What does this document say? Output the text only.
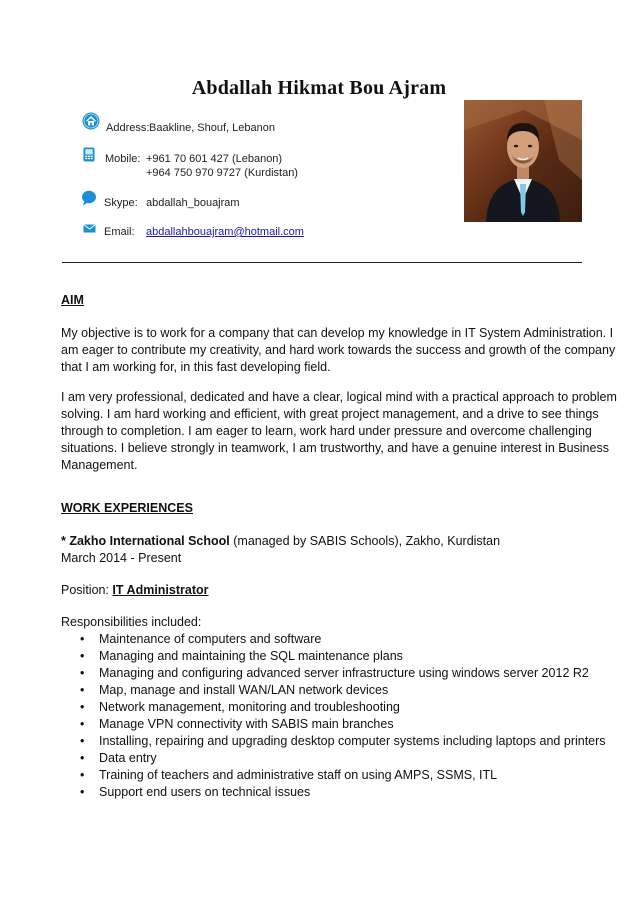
Abdallah Hikmat Bou Ajram
Address: Baakline, Shouf, Lebanon
Mobile: +961 70 601 427 (Lebanon)
+964 750 970 9727 (Kurdistan)
Skype: abdallah_bouajram
Email: abdallahbouajram@hotmail.com
AIM
My objective is to work for a company that can develop my knowledge in IT System Administration. I
am eager to contribute my creativity, and hard work towards the success and growth of the company
that I am working for, in this fast developing field.
I am very professional, dedicated and have a clear, logical mind with a practical approach to problem
solving. I am hard working and efficient, with great project management, and a drive to see things
through to completion. I am eager to learn, work hard under pressure and overcome challenging
situations. I believe strongly in teamwork, I am trustworthy, and have a genuine interest in Business
Management.
WORK EXPERIENCES
* Zakho International School (managed by SABIS Schools), Zakho, Kurdistan
March 2014 - Present
Position: IT Administrator
Responsibilities included:
• Maintenance of computers and software
• Managing and maintaining the SQL maintenance plans
• Managing and configuring advanced server infrastructure using windows server 2012 R2
• Map, manage and install WAN/LAN network devices
• Network management, monitoring and troubleshooting
• Manage VPN connectivity with SABIS main branches
• Installing, repairing and upgrading desktop computer systems including laptops and printers
• Data entry
• Training of teachers and administrative staff on using AMPS, SSMS, ITL
• Support end users on technical issues
